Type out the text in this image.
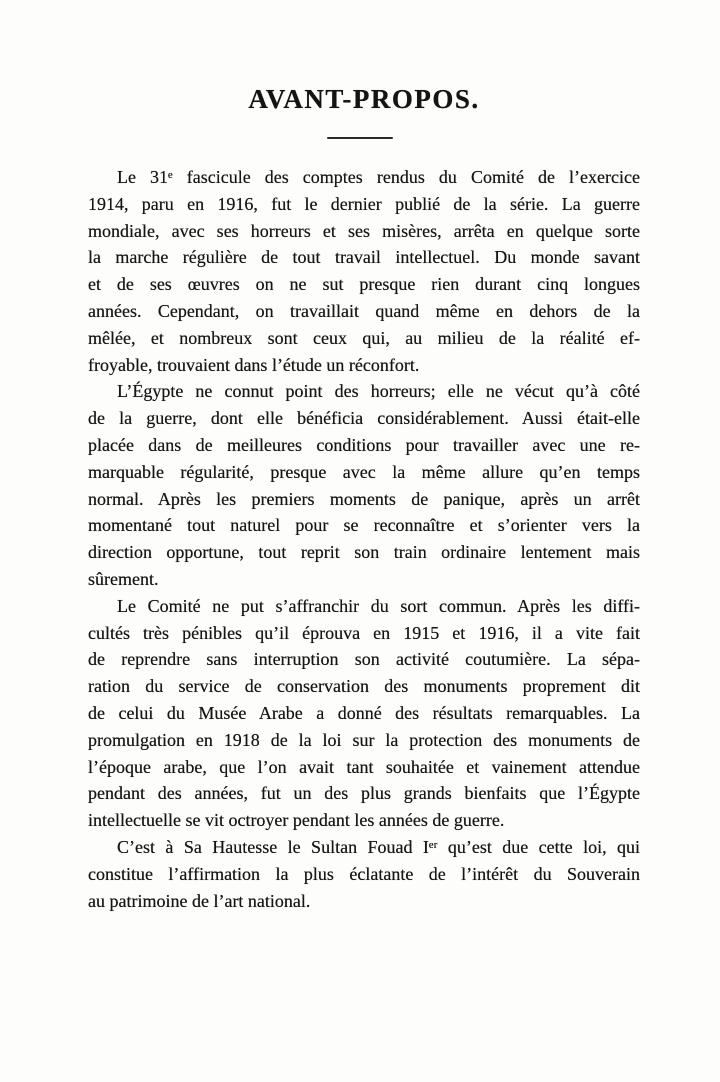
AVANT-PROPOS.
Le 31ᵉ fascicule des comptes rendus du Comité de l’exercice
1914, paru en 1916, fut le dernier publié de la série. La guerre
mondiale, avec ses horreurs et ses misères, arrêta en quelque sorte
la marche régulière de tout travail intellectuel. Du monde savant
et de ses œuvres on ne sut presque rien durant cinq longues
années. Cependant, on travaillait quand même en dehors de la
mêlée, et nombreux sont ceux qui, au milieu de la réalité ef-
froyable, trouvaient dans l’étude un réconfort.
L’Égypte ne connut point des horreurs; elle ne vécut qu’à côté
de la guerre, dont elle bénéficia considérablement. Aussi était-elle
placée dans de meilleures conditions pour travailler avec une re-
marquable régularité, presque avec la même allure qu’en temps
normal. Après les premiers moments de panique, après un arrêt
momentané tout naturel pour se reconnaître et s’orienter vers la
direction opportune, tout reprit son train ordinaire lentement mais
sûrement.
Le Comité ne put s’affranchir du sort commun. Après les diffi-
cultés très pénibles qu’il éprouva en 1915 et 1916, il a vite fait
de reprendre sans interruption son activité coutumière. La sépa-
ration du service de conservation des monuments proprement dit
de celui du Musée Arabe a donné des résultats remarquables. La
promulgation en 1918 de la loi sur la protection des monuments de
l’époque arabe, que l’on avait tant souhaitée et vainement attendue
pendant des années, fut un des plus grands bienfaits que l’Égypte
intellectuelle se vit octroyer pendant les années de guerre.
C’est à Sa Hautesse le Sultan Fouad Iᵉʳ qu’est due cette loi, qui
constitue l’affirmation la plus éclatante de l’intérêt du Souverain
au patrimoine de l’art national.
